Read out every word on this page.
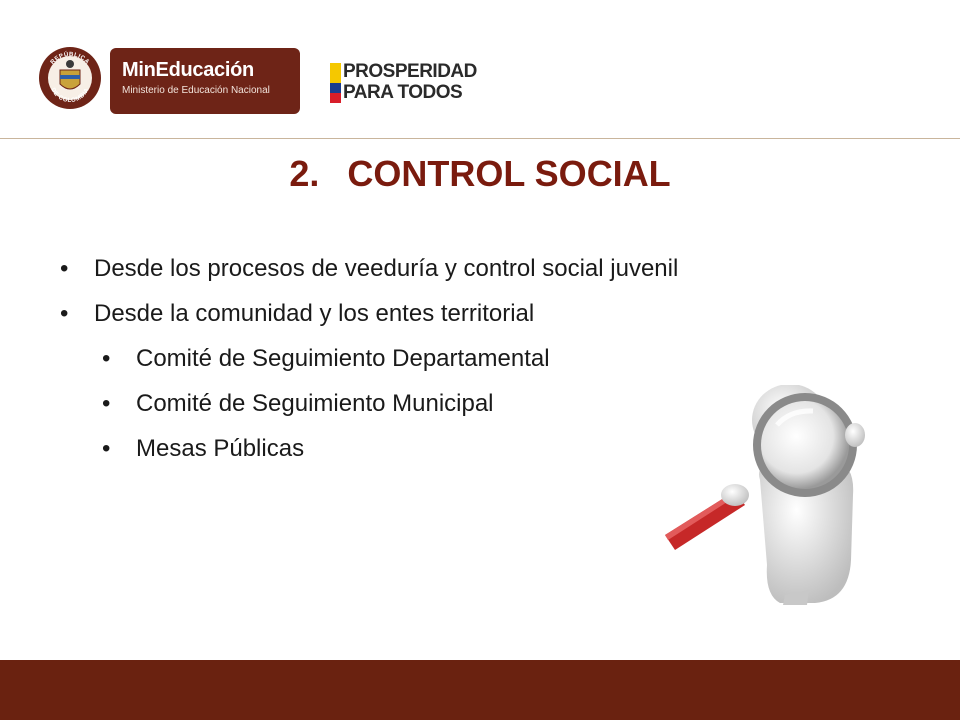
REPÚBLICA
DE COLOMBIA
MinEducación
Ministerio de Educación Nacional
PROSPERIDAD
PARA TODOS
2. CONTROL SOCIAL
• Desde los procesos de veeduría y control social juvenil
• Desde la comunidad y los entes territorial
• Comité de Seguimiento Departamental
• Comité de Seguimiento Municipal
• Mesas Públicas
